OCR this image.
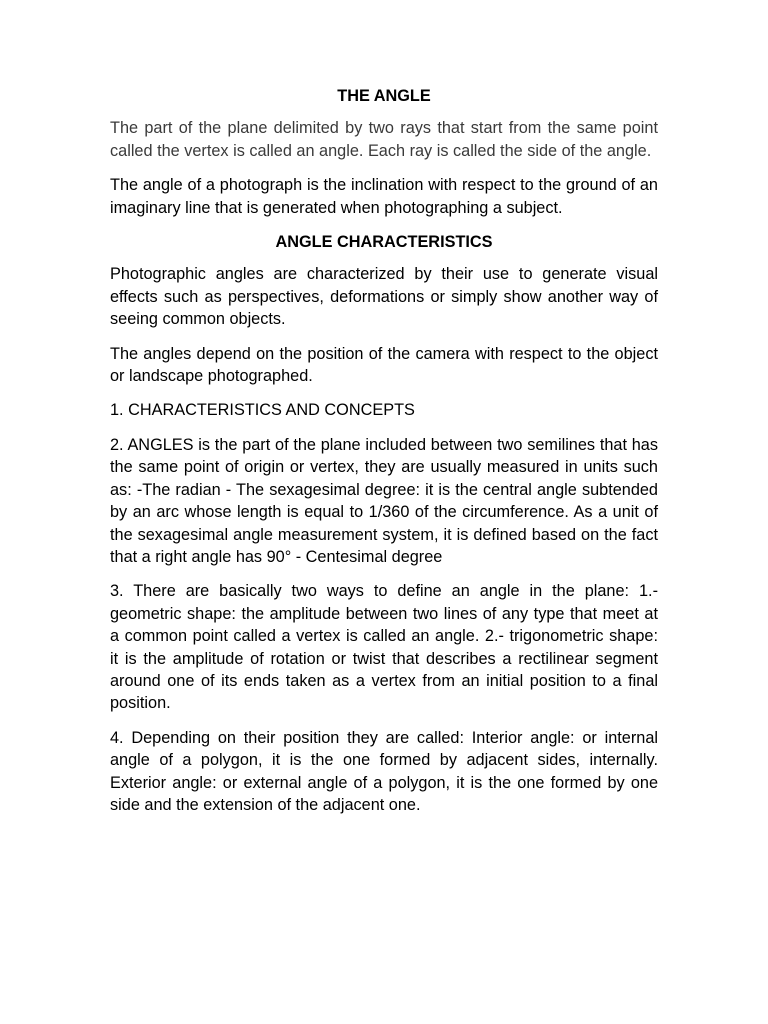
THE ANGLE

The part of the plane delimited by two rays that start from the same point called the vertex is called an angle. Each ray is called the side of the angle.

The angle of a photograph is the inclination with respect to the ground of an imaginary line that is generated when photographing a subject.

ANGLE CHARACTERISTICS

Photographic angles are characterized by their use to generate visual effects such as perspectives, deformations or simply show another way of seeing common objects.

The angles depend on the position of the camera with respect to the object or landscape photographed.

1. CHARACTERISTICS AND CONCEPTS

2. ANGLES is the part of the plane included between two semilines that has the same point of origin or vertex, they are usually measured in units such as: -The radian - The sexagesimal degree: it is the central angle subtended by an arc whose length is equal to 1/360 of the circumference. As a unit of the sexagesimal angle measurement system, it is defined based on the fact that a right angle has 90° - Centesimal degree

3. There are basically two ways to define an angle in the plane: 1.- geometric shape: the amplitude between two lines of any type that meet at a common point called a vertex is called an angle. 2.- trigonometric shape: it is the amplitude of rotation or twist that describes a rectilinear segment around one of its ends taken as a vertex from an initial position to a final position.

4. Depending on their position they are called: Interior angle: or internal angle of a polygon, it is the one formed by adjacent sides, internally. Exterior angle: or external angle of a polygon, it is the one formed by one side and the extension of the adjacent one.
